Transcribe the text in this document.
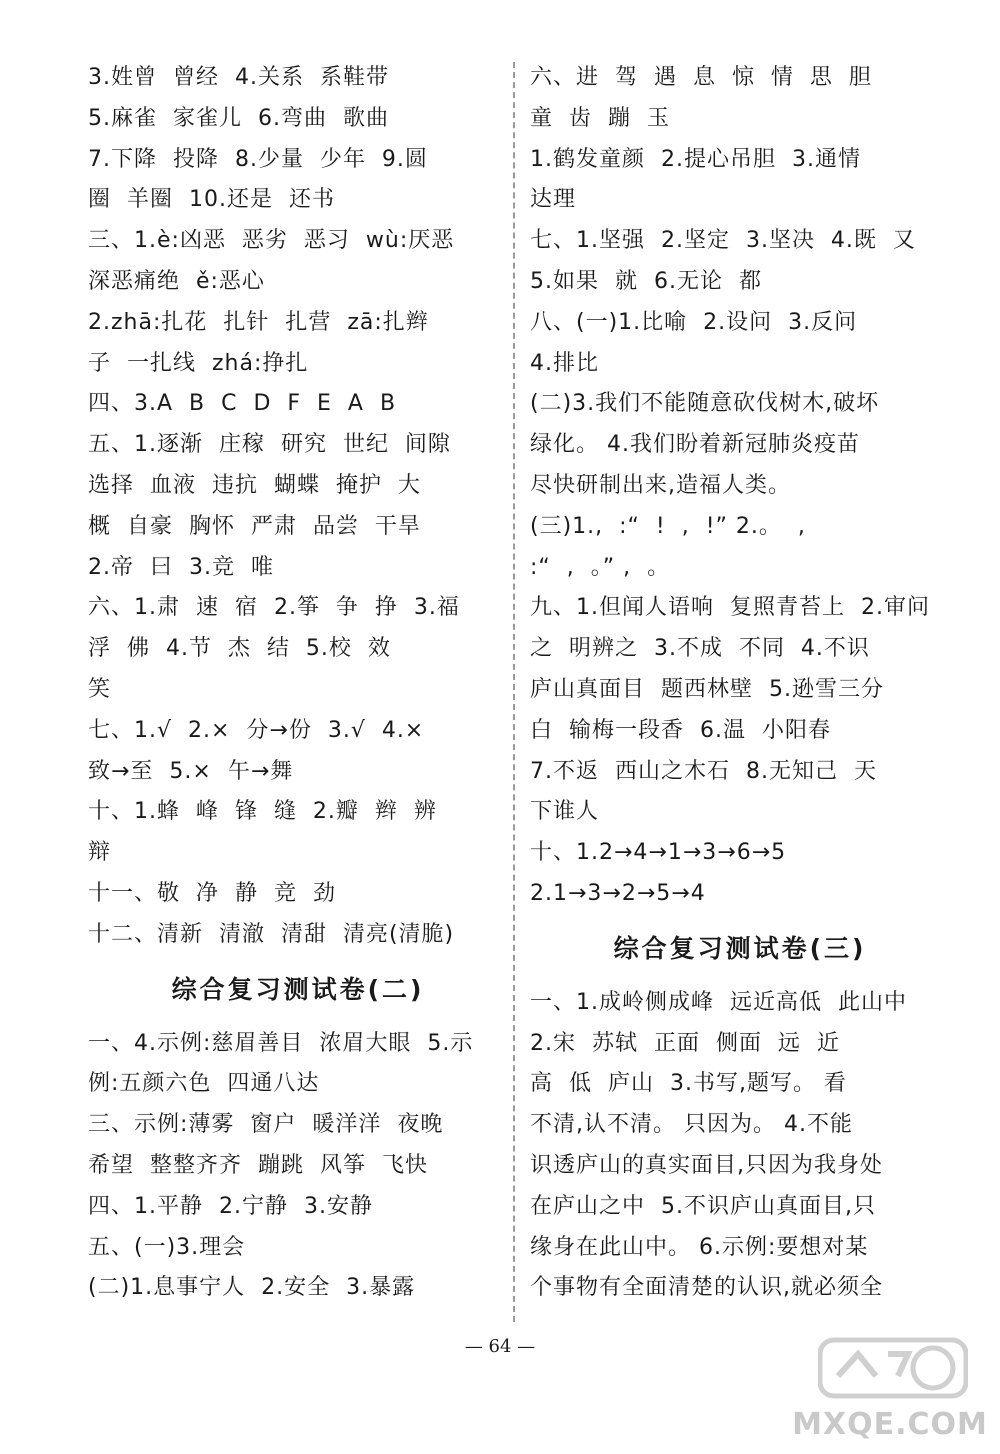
3.姓曾  曾经  4.关系  系鞋带
5.麻雀  家雀儿  6.弯曲  歌曲
7.下降  投降  8.少量  少年  9.圆
圈  羊圈  10.还是  还书
三、1.è:凶恶  恶劣  恶习  wù:厌恶
深恶痛绝  ě:恶心
2.zhā:扎花  扎针  扎营  zā:扎辫
子  一扎线  zhá:挣扎
四、3.A  B  C  D  F  E  A  B
五、1.逐渐  庄稼  研究  世纪  间隙
选择  血液  违抗  蝴蝶  掩护  大
概  自豪  胸怀  严肃  品尝  干旱
2.帝  曰  3.竞  唯
六、1.肃  速  宿  2.筝  争  挣  3.福
浮  佛  4.节  杰  结  5.校  效
笑
七、1.√  2.×  分→份  3.√  4.×
致→至  5.×  午→舞
十、1.蜂  峰  锋  缝  2.瓣  辫  辨
辩
十一、敬  净  静  竞  劲
十二、清新  清澈  清甜  清亮(清脆)
综合复习测试卷(二)
一、4.示例:慈眉善目  浓眉大眼  5.示
例:五颜六色  四通八达
三、示例:薄雾  窗户  暖洋洋  夜晚
希望  整整齐齐  蹦跳  风筝  飞快
四、1.平静  2.宁静  3.安静
五、(一)3.理会
(二)1.息事宁人  2.安全  3.暴露
六、进  驾  遇  息  惊  情  思  胆
童  齿  蹦  玉
1.鹤发童颜  2.提心吊胆  3.通情
达理
七、1.坚强  2.坚定  3.坚决  4.既  又
5.如果  就  6.无论  都
八、(一)1.比喻  2.设问  3.反问
4.排比
(二)3.我们不能随意砍伐树木,破坏
绿化。 4.我们盼着新冠肺炎疫苗
尽快研制出来,造福人类。
(三)1.,  :“  !  ,  !” 2.。  ,
:“  ,  。” ,  。
九、1.但闻人语响  复照青苔上  2.审问
之  明辨之  3.不成  不同  4.不识
庐山真面目  题西林壁  5.逊雪三分
白  输梅一段香  6.温  小阳春
7.不返  西山之木石  8.无知己  天
下谁人
十、1.2→4→1→3→6→5
2.1→3→2→5→4
综合复习测试卷(三)
一、1.成岭侧成峰  远近高低  此山中
2.宋  苏轼  正面  侧面  远  近
高  低  庐山  3.书写,题写。 看
不清,认不清。 只因为。 4.不能
识透庐山的真实面目,只因为我身处
在庐山之中  5.不识庐山真面目,只
缘身在此山中。 6.示例:要想对某
个事物有全面清楚的认识,就必须全
— 64 —
MXQE.COM
